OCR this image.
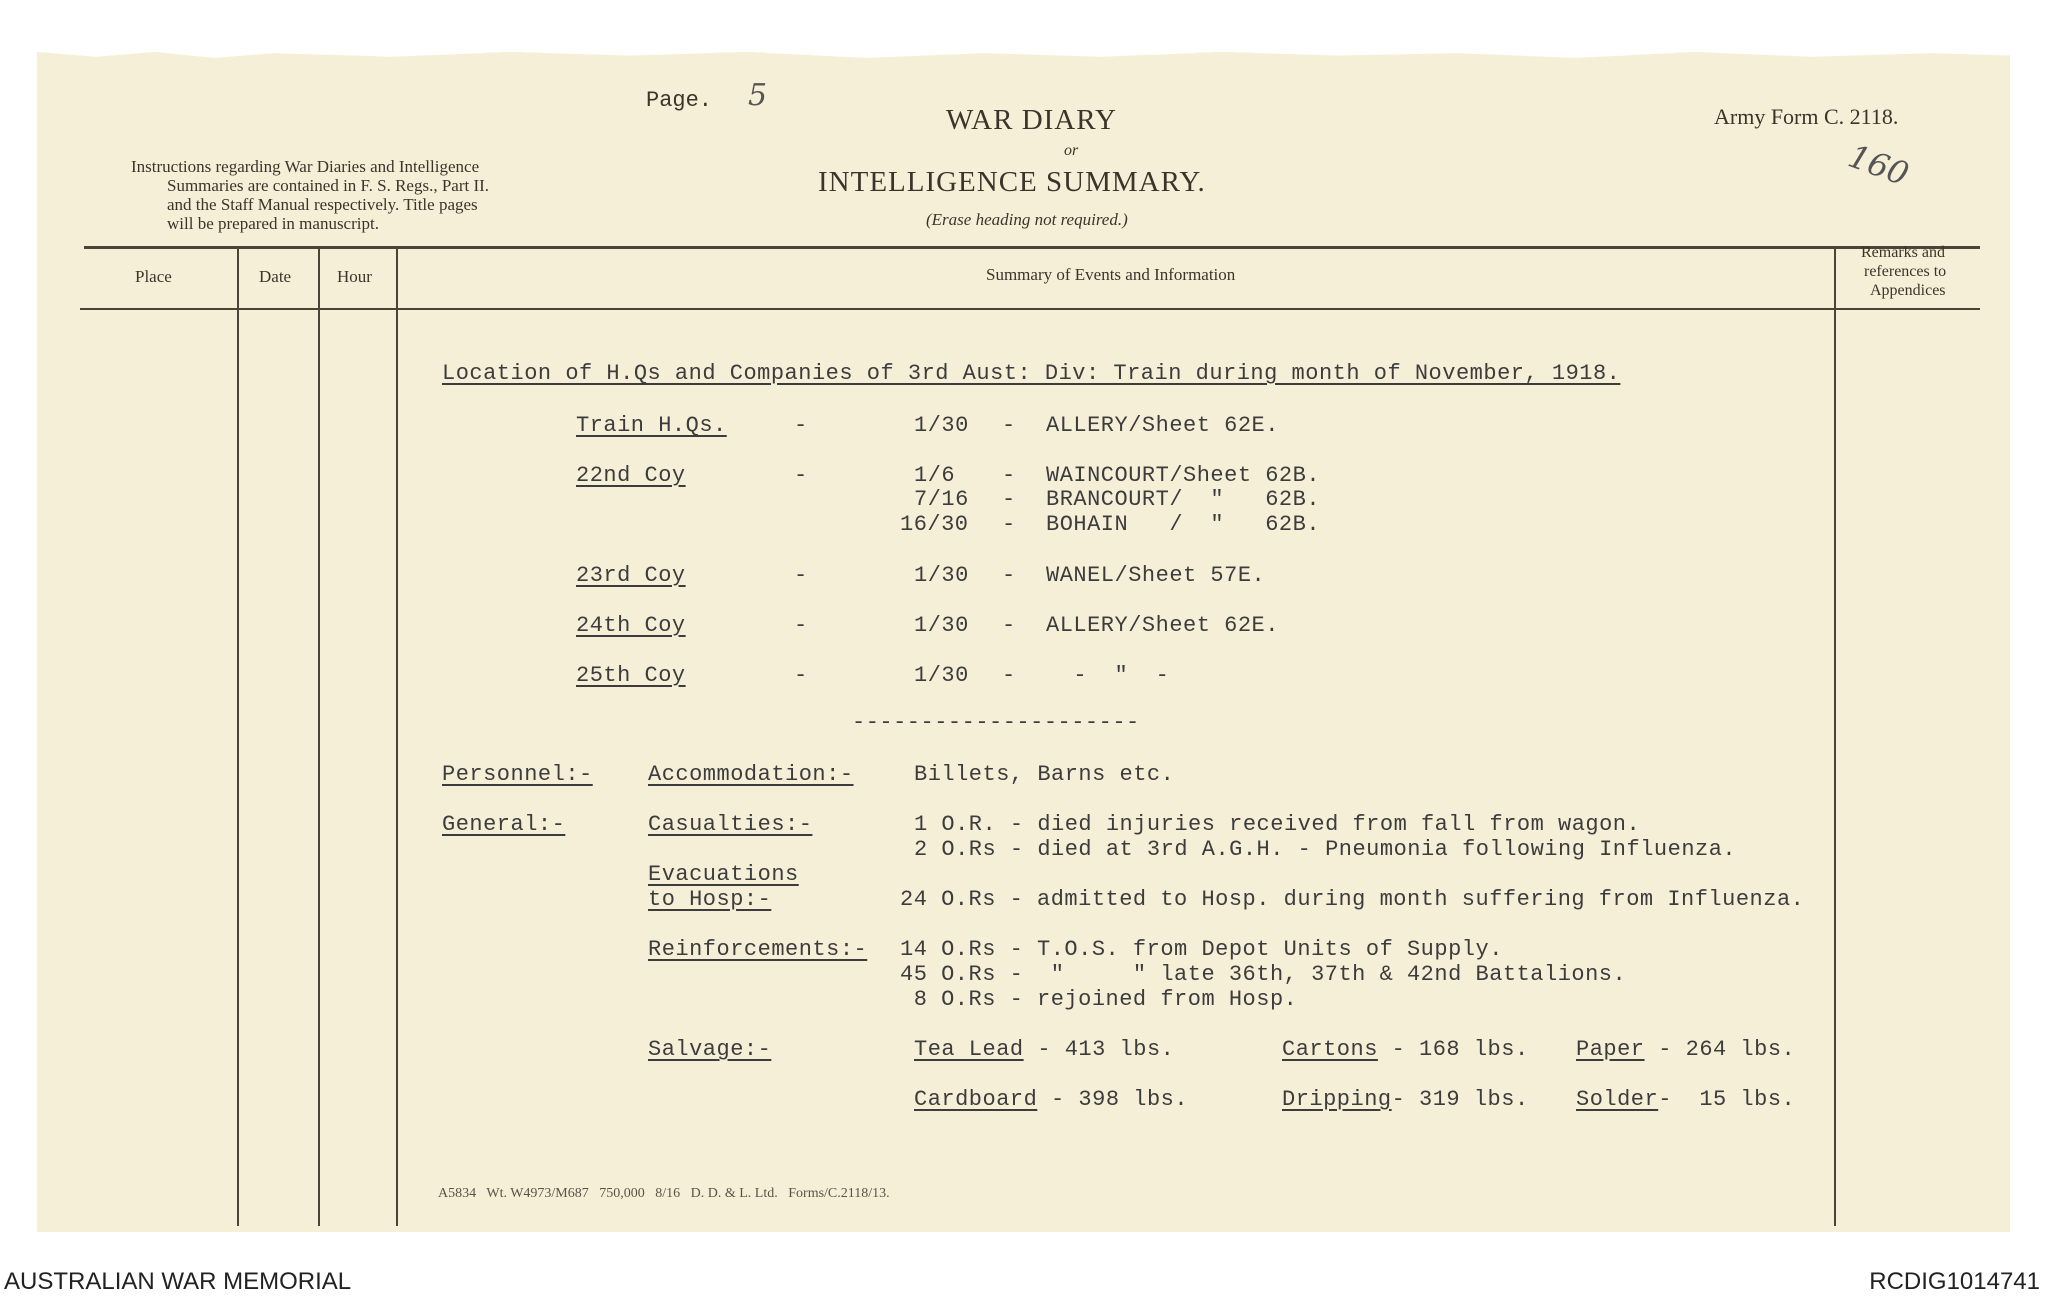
Page. 5
WAR DIARY
or
INTELLIGENCE SUMMARY.
(Erase heading not required.)
Army Form C. 2118.
160
Instructions regarding War Diaries and Intelligence
Summaries are contained in F. S. Regs., Part II.
and the Staff Manual respectively. Title pages
will be prepared in manuscript.
Place	Date	Hour	Summary of Events and Information
Remarks and
references to
Appendices
Location of H.Qs and Companies of 3rd Aust: Div: Train during month of November, 1918.
Train H.Qs.	-	1/30 - ALLERY/Sheet 62E.
22nd Coy	-	1/6 - WAINCOURT/Sheet 62B.
7/16 - BRANCOURT/  "   62B.
16/30 - BOHAIN   /  "   62B.
23rd Coy	-	1/30 - WANEL/Sheet 57E.
24th Coy	-	1/30 - ALLERY/Sheet 62E.
25th Coy	-	1/30 - -  "  -
---------------------
Personnel:-	Accommodation:-	Billets, Barns etc.
General:-	Casualties:-	1 O.R. - died injuries received from fall from wagon.
2 O.Rs - died at 3rd A.G.H. - Pneumonia following Influenza.
Evacuations
to Hosp:-	24 O.Rs - admitted to Hosp. during month suffering from Influenza.
Reinforcements:- 14 O.Rs - T.O.S. from Depot Units of Supply.
45 O.Rs -  "     " late 36th, 37th & 42nd Battalions.
8 O.Rs - rejoined from Hosp.
Salvage:-	Tea Lead - 413 lbs.	Cartons - 168 lbs. Paper - 264 lbs.
Cardboard - 398 lbs.	Dripping- 319 lbs. Solder-  15 lbs.
A5834   Wt. W4973/M687   750,000   8/16   D. D. & L. Ltd.   Forms/C.2118/13.
AUSTRALIAN WAR MEMORIAL	RCDIG1014741
